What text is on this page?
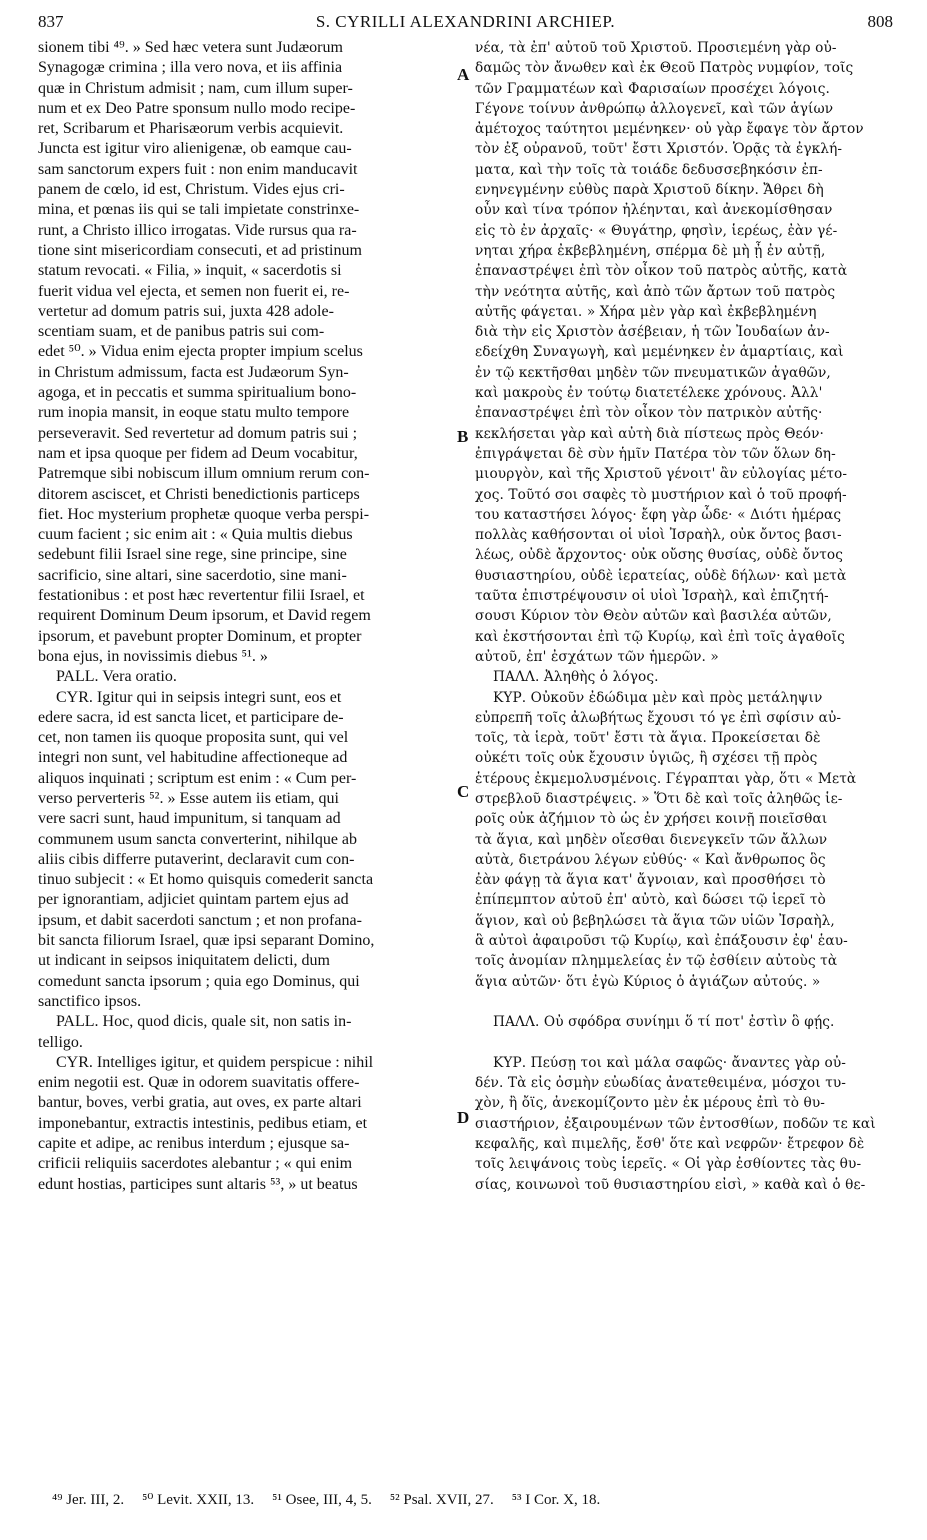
837	S. CYRILLI ALEXANDRINI ARCHIEP.	808
sionem tibi ⁴⁹. » Sed hæc vetera sunt Judæorum
Synagogæ crimina ; illa vero nova, et iis affinia
quæ in Christum admisit ; nam, cum illum super-
num et ex Deo Patre sponsum nullo modo recipe-
ret, Scribarum et Pharisæorum verbis acquievit.
Juncta est igitur viro alienigenæ, ob eamque cau-
sam sanctorum expers fuit : non enim manducavit
panem de cœlo, id est, Christum. Vides ejus cri-
mina, et pœnas iis qui se tali impietate constrinxe-
runt, a Christo illico irrogatas. Vide rursus qua ra-
tione sint misericordiam consecuti, et ad pristinum
statum revocati. « Filia, » inquit, « sacerdotis si
fuerit vidua vel ejecta, et semen non fuerit ei, re-
vertetur ad domum patris sui, juxta 428 adole-
scentiam suam, et de panibus patris sui com-
edet ⁵⁰. » Vidua enim ejecta propter impium scelus
in Christum admissum, facta est Judæorum Syn-
agoga, et in peccatis et summa spiritualium bono-
rum inopia mansit, in eoque statu multo tempore
perseveravit. Sed revertetur ad domum patris sui ;
nam et ipsa quoque per fidem ad Deum vocabitur,
Patremque sibi nobiscum illum omnium rerum con-
ditorem asciscet, et Christi benedictionis particeps
fiet. Hoc mysterium prophetæ quoque verba perspi-
cuum facient ; sic enim ait : « Quia multis diebus
sedebunt filii Israel sine rege, sine principe, sine
sacrificio, sine altari, sine sacerdotio, sine mani-
festationibus : et post hæc revertentur filii Israel, et
requirent Dominum Deum ipsorum, et David regem
ipsorum, et pavebunt propter Dominum, et propter
bona ejus, in novissimis diebus ⁵¹. »
PALL. Vera oratio.
CYR. Igitur qui in seipsis integri sunt, eos et
edere sacra, id est sancta licet, et participare de-
cet, non tamen iis quoque proposita sunt, qui vel
integri non sunt, vel habitudine affectioneque ad
aliquos inquinati ; scriptum est enim : « Cum per-
verso perverteris ⁵². » Esse autem iis etiam, qui
vere sacri sunt, haud impunitum, si tanquam ad
communem usum sancta converterint, nihilque ab
aliis cibis differre putaverint, declaravit cum con-
tinuo subjecit : « Et homo quisquis comederit sancta
per ignorantiam, adjiciet quintam partem ejus ad
ipsum, et dabit sacerdoti sanctum ; et non profana-
bit sancta filiorum Israel, quæ ipsi separant Domino,
ut indicant in seipsos iniquitatem delicti, dum
comedunt sancta ipsorum ; quia ego Dominus, qui
sanctifico ipsos.
PALL. Hoc, quod dicis, quale sit, non satis in-
telligo.
CYR. Intelliges igitur, et quidem perspicue : nihil
enim negotii est. Quæ in odorem suavitatis offere-
bantur, boves, verbi gratia, aut oves, ex parte altari
imponebantur, extractis intestinis, pedibus etiam, et
capite et adipe, ac renibus interdum ; ejusque sa-
crificii reliquiis sacerdotes alebantur ; « qui enim
edunt hostias, participes sunt altaris ⁵³, » ut beatus
νέα, τὰ ἐπ' αὐτοῦ τοῦ Χριστοῦ. Προσιεμένη γὰρ οὐ-
δαμῶς τὸν ἄνωθεν καὶ ἐκ Θεοῦ Πατρὸς νυμφίον, τοῖς
τῶν Γραμματέων καὶ Φαρισαίων προσέχει λόγοις.
Γέγονε τοίνυν ἀνθρώπῳ ἀλλογενεῖ, καὶ τῶν ἁγίων
ἀμέτοχος ταύτητοι μεμένηκεν· οὐ γὰρ ἔφαγε τὸν ἄρτον
τὸν ἐξ οὐρανοῦ, τοῦτ' ἔστι Χριστόν. Ὁρᾷς τὰ ἐγκλή-
ματα, καὶ τὴν τοῖς τὰ τοιάδε δεδυσσεβηκόσιν ἐπ-
ενηνεγμένην εὐθὺς παρὰ Χριστοῦ δίκην. Ἄθρει δὴ
οὖν καὶ τίνα τρόπον ἠλέηνται, καὶ ἀνεκομίσθησαν
εἰς τὸ ἐν ἀρχαῖς· « Θυγάτηρ, φησὶν, ἱερέως, ἐὰν γέ-
νηται χήρα ἐκβεβλημένη, σπέρμα δὲ μὴ ᾖ ἐν αὐτῇ,
ἐπαναστρέψει ἐπὶ τὸν οἶκον τοῦ πατρὸς αὐτῆς, κατὰ
τὴν νεότητα αὐτῆς, καὶ ἀπὸ τῶν ἄρτων τοῦ πατρὸς
αὐτῆς φάγεται. » Χήρα μὲν γὰρ καὶ ἐκβεβλημένη
διὰ τὴν εἰς Χριστὸν ἀσέβειαν, ἡ τῶν Ἰουδαίων ἀν-
εδείχθη Συναγωγὴ, καὶ μεμένηκεν ἐν ἁμαρτίαις, καὶ
ἐν τῷ κεκτῆσθαι μηδὲν τῶν πνευματικῶν ἀγαθῶν,
καὶ μακροὺς ἐν τούτῳ διατετέλεκε χρόνους. Ἀλλ'
ἐπαναστρέψει ἐπὶ τὸν οἶκον τὸν πατρικὸν αὐτῆς·
κεκλήσεται γὰρ καὶ αὐτὴ διὰ πίστεως πρὸς Θεόν·
ἐπιγράψεται δὲ σὺν ἡμῖν Πατέρα τὸν τῶν ὅλων δη-
μιουργὸν, καὶ τῆς Χριστοῦ γένοιτ' ἂν εὐλογίας μέτο-
χος. Τοῦτό σοι σαφὲς τὸ μυστήριον καὶ ὁ τοῦ προφή-
του καταστήσει λόγος· ἔφη γὰρ ὧδε· « Διότι ἡμέρας
πολλὰς καθήσονται οἱ υἱοὶ Ἰσραὴλ, οὐκ ὄντος βασι-
λέως, οὐδὲ ἄρχοντος· οὐκ οὔσης θυσίας, οὐδὲ ὄντος
θυσιαστηρίου, οὐδὲ ἱερατείας, οὐδὲ δήλων· καὶ μετὰ
ταῦτα ἐπιστρέψουσιν οἱ υἱοὶ Ἰσραὴλ, καὶ ἐπιζητή-
σουσι Κύριον τὸν Θεὸν αὐτῶν καὶ βασιλέα αὐτῶν,
καὶ ἐκστήσονται ἐπὶ τῷ Κυρίῳ, καὶ ἐπὶ τοῖς ἀγαθοῖς
αὐτοῦ, ἐπ' ἐσχάτων τῶν ἡμερῶν. »
ΠΑΛΛ. Ἀληθὴς ὁ λόγος.
ΚΥΡ. Οὐκοῦν ἐδώδιμα μὲν καὶ πρὸς μετάληψιν
εὐπρεπῆ τοῖς ἀλωβήτως ἔχουσι τό γε ἐπὶ σφίσιν αὐ-
τοῖς, τὰ ἱερὰ, τοῦτ' ἔστι τὰ ἅγια. Προκείσεται δὲ
οὐκέτι τοῖς οὐκ ἔχουσιν ὑγιῶς, ἢ σχέσει τῇ πρὸς
ἑτέρους ἐκμεμολυσμένοις. Γέγραπται γὰρ, ὅτι « Μετὰ
στρεβλοῦ διαστρέψεις. » Ὅτι δὲ καὶ τοῖς ἀληθῶς ἱε-
ροῖς οὐκ ἀζήμιον τὸ ὡς ἐν χρήσει κοινῇ ποιεῖσθαι
τὰ ἅγια, καὶ μηδὲν οἴεσθαι διενεγκεῖν τῶν ἄλλων
αὐτὰ, διετράνου λέγων εὐθύς· « Καὶ ἄνθρωπος ὃς
ἐὰν φάγῃ τὰ ἅγια κατ' ἄγνοιαν, καὶ προσθήσει τὸ
ἐπίπεμπτον αὐτοῦ ἐπ' αὐτὸ, καὶ δώσει τῷ ἱερεῖ τὸ
ἅγιον, καὶ οὐ βεβηλώσει τὰ ἅγια τῶν υἱῶν Ἰσραὴλ,
ἃ αὐτοὶ ἀφαιροῦσι τῷ Κυρίῳ, καὶ ἐπάξουσιν ἐφ' ἑαυ-
τοῖς ἀνομίαν πλημμελείας ἐν τῷ ἐσθίειν αὐτοὺς τὰ
ἅγια αὐτῶν· ὅτι ἐγὼ Κύριος ὁ ἁγιάζων αὐτούς. »
ΠΑΛΛ. Οὐ σφόδρα συνίημι ὅ τί ποτ' ἐστὶν ὃ φῄς.
ΚΥΡ. Πεύσῃ τοι καὶ μάλα σαφῶς· ἄναντες γὰρ οὐ-
δέν. Τὰ εἰς ὀσμὴν εὐωδίας ἀνατεθειμένα, μόσχοι τυ-
χὸν, ἢ ὄϊς, ἀνεκομίζοντο μὲν ἐκ μέρους ἐπὶ τὸ θυ-
σιαστήριον, ἐξαιρουμένων τῶν ἐντοσθίων, ποδῶν τε καὶ
κεφαλῆς, καὶ πιμελῆς, ἔσθ' ὅτε καὶ νεφρῶν· ἔτρεφον δὲ
τοῖς λειψάνοις τοὺς ἱερεῖς. « Οἱ γὰρ ἐσθίοντες τὰς θυ-
σίας, κοινωνοὶ τοῦ θυσιαστηρίου εἰσὶ, » καθὰ καὶ ὁ θε-
A
B
C
D
⁴⁹ Jer. III, 2. ⁵⁰ Levit. XXII, 13. ⁵¹ Osee, III, 4, 5. ⁵² Psal. XVII, 27. ⁵³ I Cor. X, 18.
